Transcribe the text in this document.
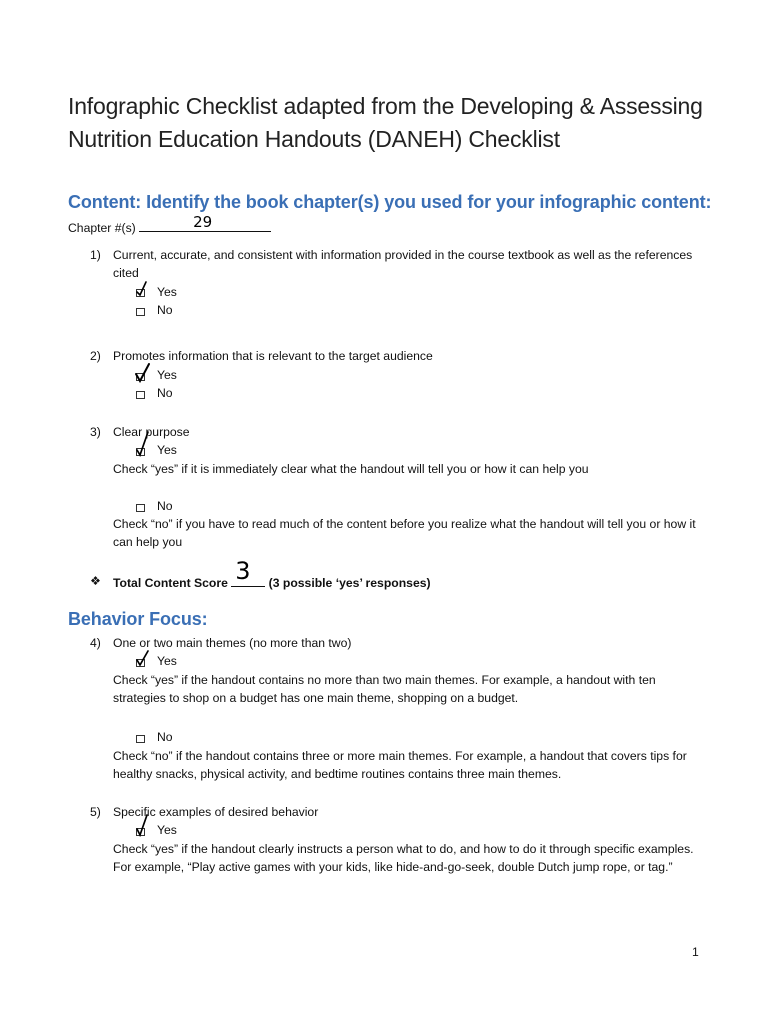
Infographic Checklist adapted from the Developing & Assessing
Nutrition Education Handouts (DANEH) Checklist
Content: Identify the book chapter(s) you used for your infographic content:
Chapter #(s)	29
1) Current, accurate, and consistent with information provided in the course textbook as well as the references cited
Yes
No
2) Promotes information that is relevant to the target audience
Yes
No
3) Clear purpose
Yes
Check “yes” if it is immediately clear what the handout will tell you or how it can help you
No
Check “no” if you have to read much of the content before you realize what the handout will tell you or how it can help you
❖ Total Content Score 3 (3 possible ‘yes’ responses)
Behavior Focus:
4) One or two main themes (no more than two)
Yes
Check “yes” if the handout contains no more than two main themes. For example, a handout with ten strategies to shop on a budget has one main theme, shopping on a budget.
No
Check “no” if the handout contains three or more main themes. For example, a handout that covers tips for healthy snacks, physical activity, and bedtime routines contains three main themes.
5) Specific examples of desired behavior
Yes
Check “yes” if the handout clearly instructs a person what to do, and how to do it through specific examples. For example, “Play active games with your kids, like hide-and-go-seek, double Dutch jump rope, or tag.”
1
